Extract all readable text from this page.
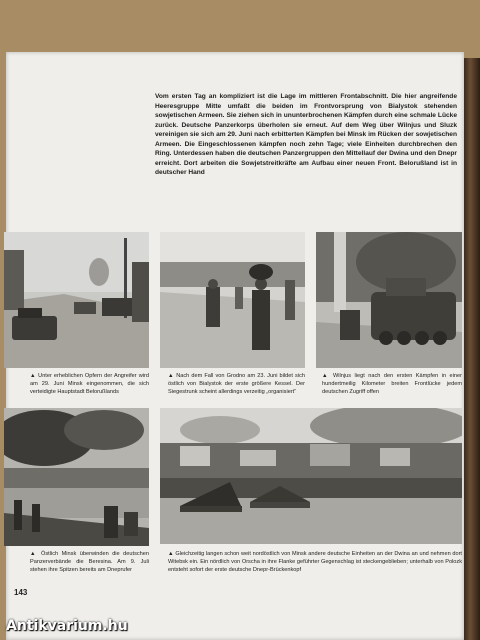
Vom ersten Tag an kompliziert ist die Lage im mittleren Frontabschnitt. Die hier angreifende Heeresgruppe Mitte umfaßt die beiden im Frontvorsprung von Bialystok stehenden sowjetischen Armeen. Sie ziehen sich in ununterbrochenen Kämpfen durch eine schmale Lücke zurück. Deutsche Panzerkorps überholen sie erneut. Auf dem Weg über Wilnjus und Sluzk vereinigen sie sich am 29. Juni nach erbitterten Kämpfen bei Minsk im Rücken der sowjetischen Armeen. Die Eingeschlossenen kämpfen noch zehn Tage; viele Einheiten durchbrechen den Ring. Unterdessen haben die deutschen Panzergruppen den Mittellauf der Dwina und den Dnepr erreicht. Dort arbeiten die Sowjetstreitkräfte am Aufbau einer neuen Front. Belorußland ist in deutscher Hand

▲ Unter erheblichen Opfern der Angreifer wird am 29. Juni Minsk eingenommen, die sich verteidigte Hauptstadt Belorußlands

▲ Nach dem Fall von Grodno am 23. Juni bildet sich östlich von Bialystok der erste größere Kessel. Der Siegestrunk scheint allerdings verzeitig „organisiert“

▲ Wilnjus liegt nach den ersten Kämpfen in einer hundertmeilig Kilometer breiten Frontlücke jedem deutschen Zugriff offen

▲ Östlich Minsk überwinden die deutschen Panzerverbände die Beresina. Am 9. Juli stehen ihre Spitzen bereits am Dneprufer

▲ Gleichzeitig langen schon weit nordöstlich von Minsk andere deutsche Einheiten an der Dwina an und nehmen dort Witebsk ein. Ein nördlich von Orscha in ihre Flanke geführter Gegenschlag ist steckengeblieben; unterhalb von Polozk entsteht sofort der erste deutsche Dnepr-Brückenkopf

143
Antikvarium.hu
